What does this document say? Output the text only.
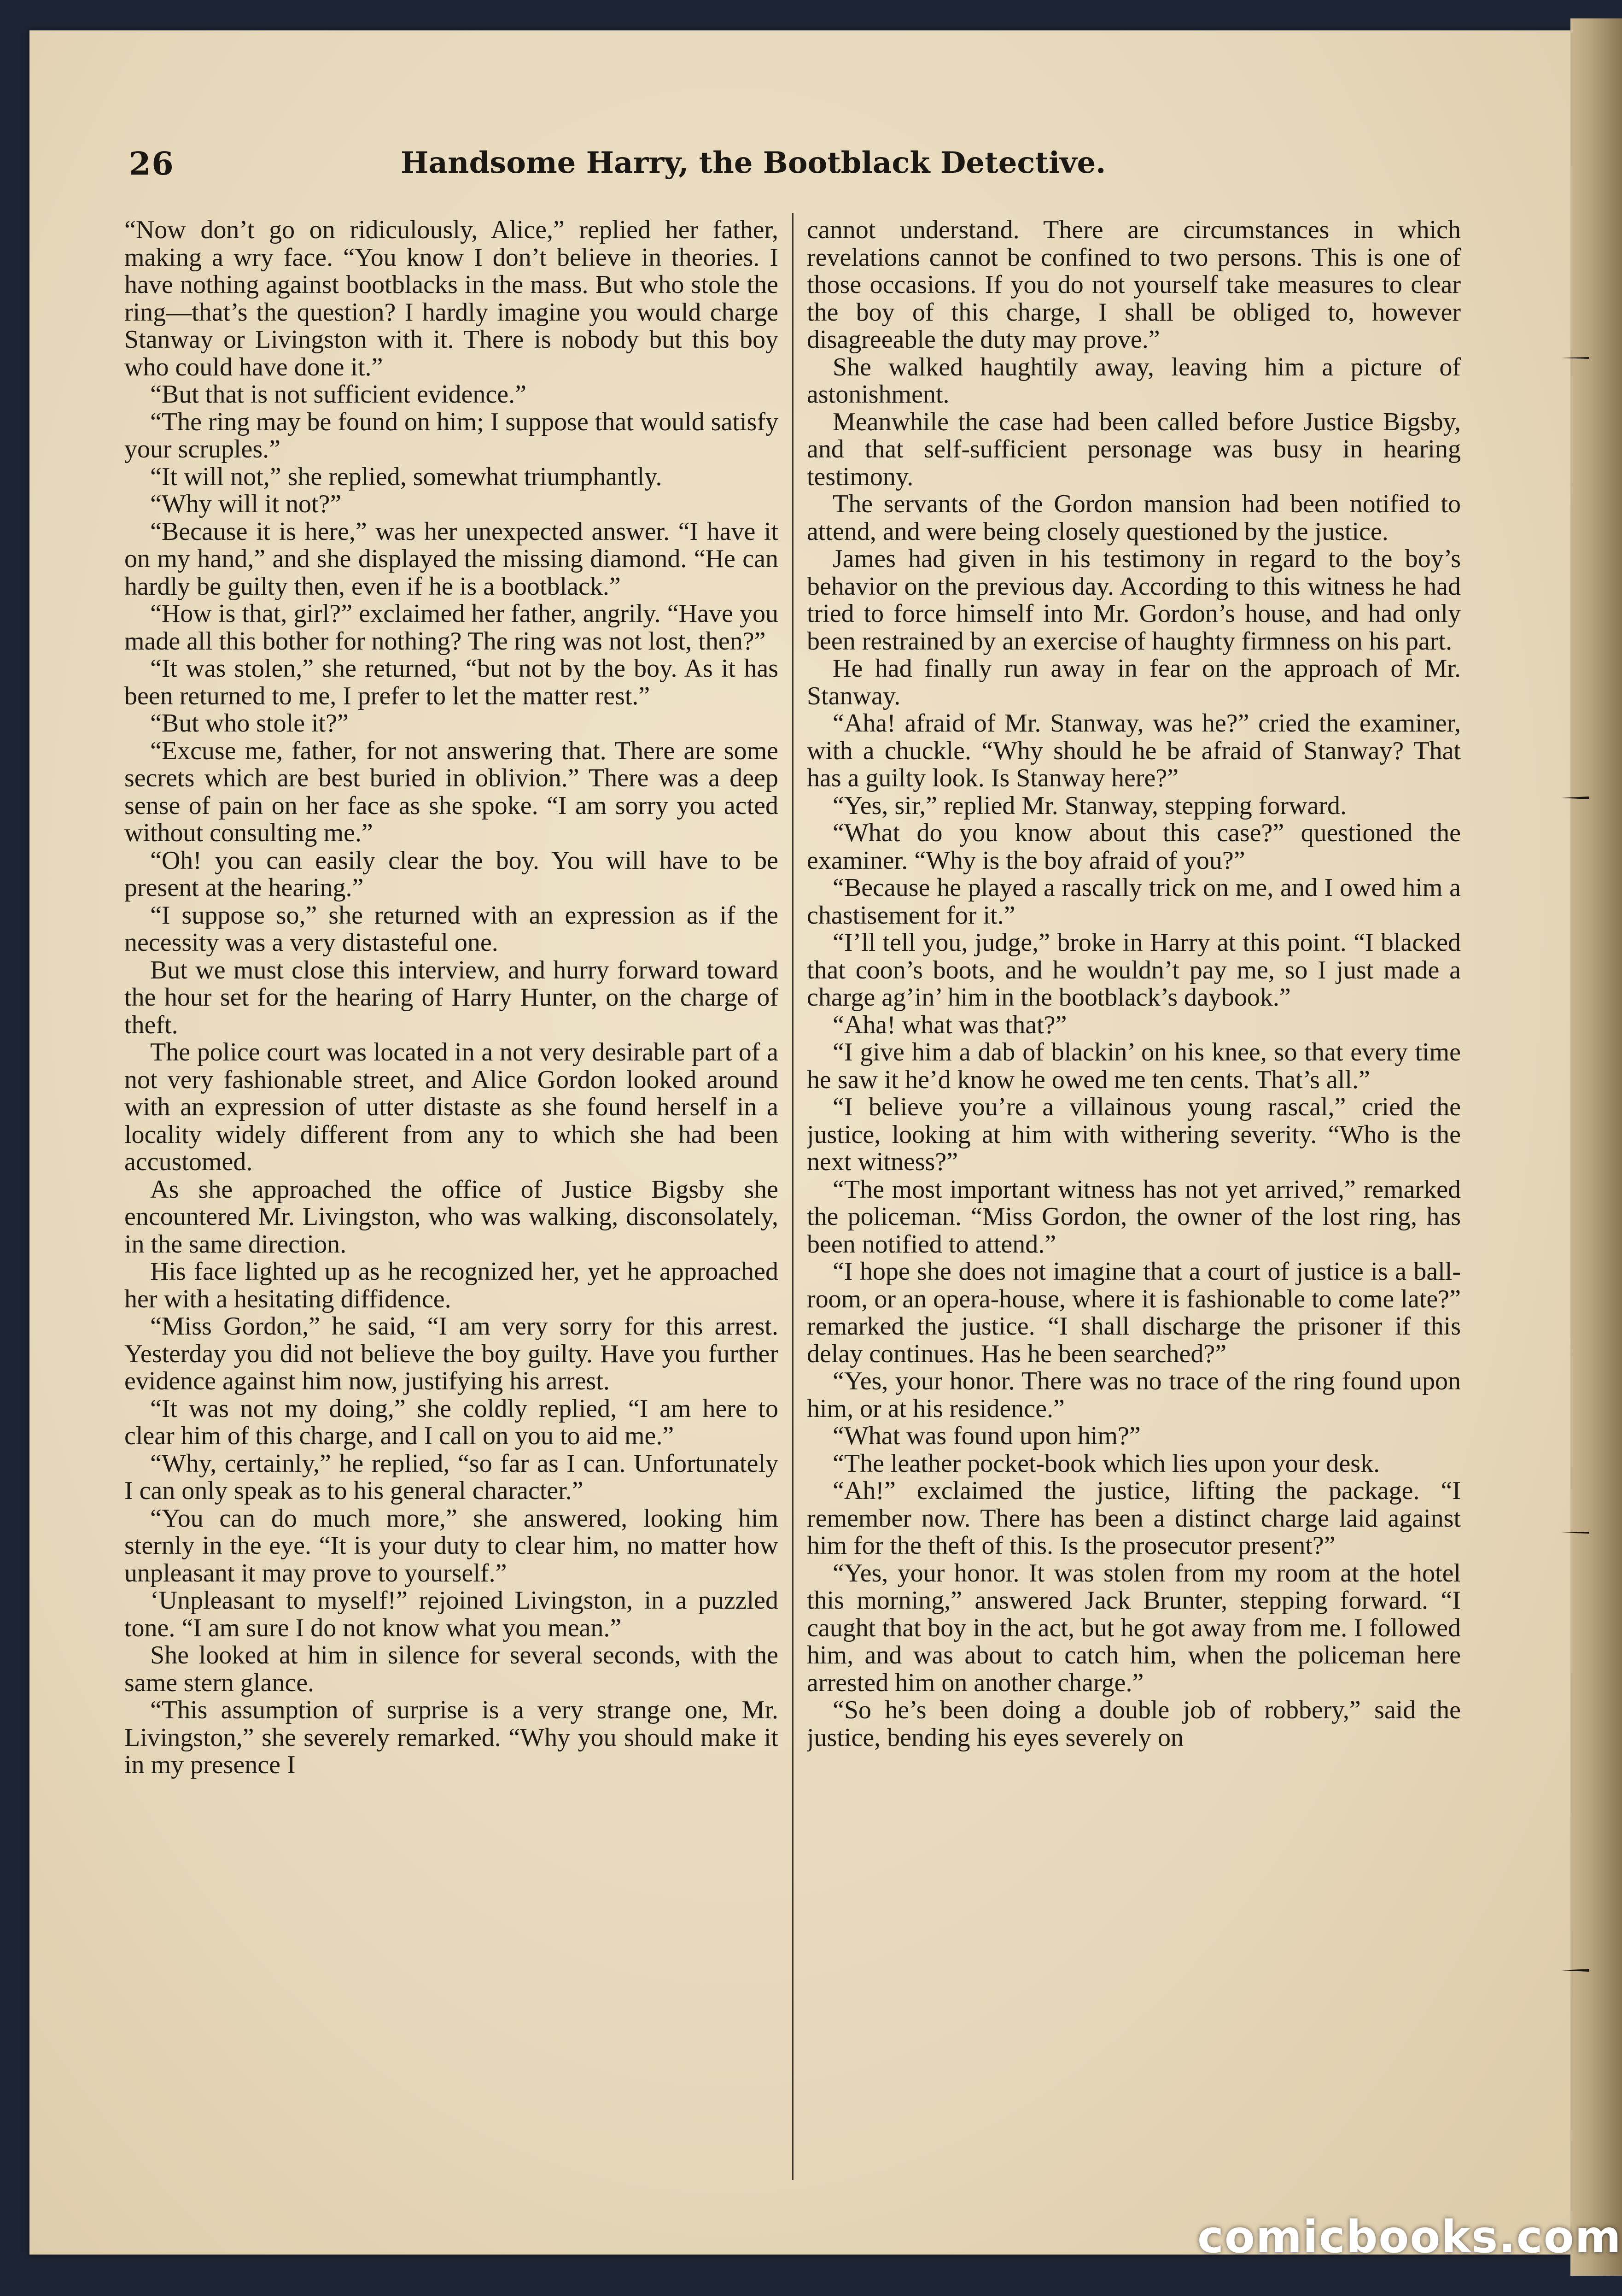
26	Handsome Harry, the Bootblack Detective.

“Now don’t go on ridiculously, Alice,” replied her father, making a wry face. “You know I don’t believe in theories. I have nothing against bootblacks in the mass. But who stole the ring—that’s the question? I hardly imagine you would charge Stanway or Livingston with it. There is nobody but this boy who could have done it.”

“But that is not sufficient evidence.”

“The ring may be found on him; I suppose that would satisfy your scruples.”

“It will not,” she replied, somewhat triumphantly.

“Why will it not?”

“Because it is here,” was her unexpected answer. “I have it on my hand,” and she displayed the missing diamond. “He can hardly be guilty then, even if he is a bootblack.”

“How is that, girl?” exclaimed her father, angrily. “Have you made all this bother for nothing? The ring was not lost, then?”

“It was stolen,” she returned, “but not by the boy. As it has been returned to me, I prefer to let the matter rest.”

“But who stole it?”

“Excuse me, father, for not answering that. There are some secrets which are best buried in oblivion.” There was a deep sense of pain on her face as she spoke. “I am sorry you acted without consulting me.”

“Oh! you can easily clear the boy. You will have to be present at the hearing.”

“I suppose so,” she returned with an expression as if the necessity was a very distasteful one.

But we must close this interview, and hurry forward toward the hour set for the hearing of Harry Hunter, on the charge of theft.

The police court was located in a not very desirable part of a not very fashionable street, and Alice Gordon looked around with an expression of utter distaste as she found herself in a locality widely different from any to which she had been accustomed.

As she approached the office of Justice Bigsby she encountered Mr. Livingston, who was walking, disconsolately, in the same direction.

His face lighted up as he recognized her, yet he approached her with a hesitating diffidence.

“Miss Gordon,” he said, “I am very sorry for this arrest. Yesterday you did not believe the boy guilty. Have you further evidence against him now, justifying his arrest.

“It was not my doing,” she coldly replied, “I am here to clear him of this charge, and I call on you to aid me.”

“Why, certainly,” he replied, “so far as I can. Unfortunately I can only speak as to his general character.”

“You can do much more,” she answered, looking him sternly in the eye. “It is your duty to clear him, no matter how unpleasant it may prove to yourself.”

‘Unpleasant to myself!” rejoined Livingston, in a puzzled tone. “I am sure I do not know what you mean.”

She looked at him in silence for several seconds, with the same stern glance.

“This assumption of surprise is a very strange one, Mr. Livingston,” she severely remarked. “Why you should make it in my presence I

cannot understand. There are circumstances in which revelations cannot be confined to two persons. This is one of those occasions. If you do not yourself take measures to clear the boy of this charge, I shall be obliged to, however disagreeable the duty may prove.”

She walked haughtily away, leaving him a picture of astonishment.

Meanwhile the case had been called before Justice Bigsby, and that self-sufficient personage was busy in hearing testimony.

The servants of the Gordon mansion had been notified to attend, and were being closely questioned by the justice.

James had given in his testimony in regard to the boy’s behavior on the previous day. According to this witness he had tried to force himself into Mr. Gordon’s house, and had only been restrained by an exercise of haughty firmness on his part.

He had finally run away in fear on the approach of Mr. Stanway.

“Aha! afraid of Mr. Stanway, was he?” cried the examiner, with a chuckle. “Why should he be afraid of Stanway? That has a guilty look. Is Stanway here?”

“Yes, sir,” replied Mr. Stanway, stepping forward.

“What do you know about this case?” questioned the examiner. “Why is the boy afraid of you?”

“Because he played a rascally trick on me, and I owed him a chastisement for it.”

“I’ll tell you, judge,” broke in Harry at this point. “I blacked that coon’s boots, and he wouldn’t pay me, so I just made a charge ag’in’ him in the bootblack’s daybook.”

“Aha! what was that?”

“I give him a dab of blackin’ on his knee, so that every time he saw it he’d know he owed me ten cents. That’s all.”

“I believe you’re a villainous young rascal,” cried the justice, looking at him with withering severity. “Who is the next witness?”

“The most important witness has not yet arrived,” remarked the policeman. “Miss Gordon, the owner of the lost ring, has been notified to attend.”

“I hope she does not imagine that a court of justice is a ball-room, or an opera-house, where it is fashionable to come late?” remarked the justice. “I shall discharge the prisoner if this delay continues. Has he been searched?”

“Yes, your honor. There was no trace of the ring found upon him, or at his residence.”

“What was found upon him?”

“The leather pocket-book which lies upon your desk.

“Ah!” exclaimed the justice, lifting the package. “I remember now. There has been a distinct charge laid against him for the theft of this. Is the prosecutor present?”

“Yes, your honor. It was stolen from my room at the hotel this morning,” answered Jack Brunter, stepping forward. “I caught that boy in the act, but he got away from me. I followed him, and was about to catch him, when the policeman here arrested him on another charge.”

“So he’s been doing a double job of robbery,” said the justice, bending his eyes severely on

comicbooks.com
